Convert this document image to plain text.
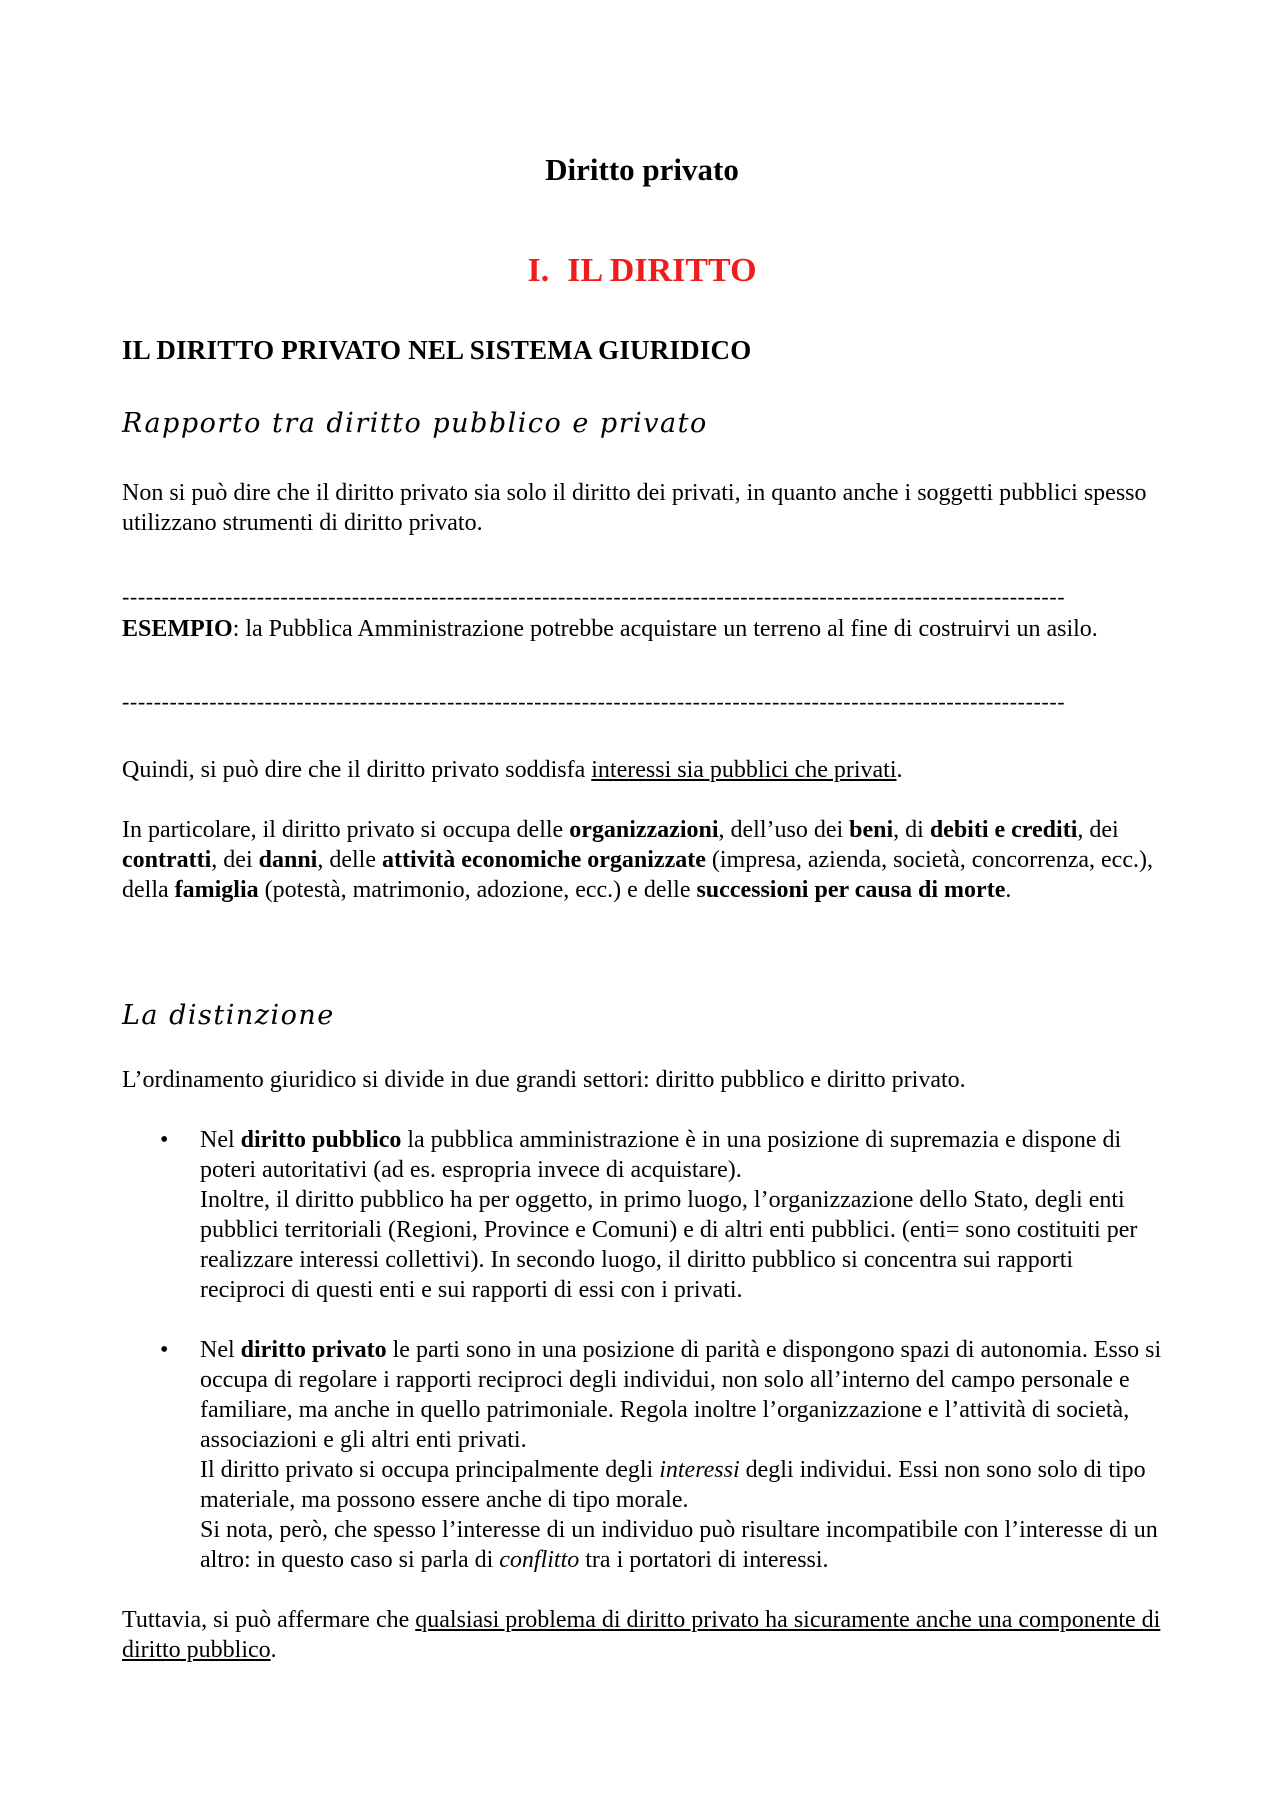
Diritto privato
I. IL DIRITTO
IL DIRITTO PRIVATO NEL SISTEMA GIURIDICO
Rapporto tra diritto pubblico e privato

Non si può dire che il diritto privato sia solo il diritto dei privati, in quanto anche i soggetti pubblici spesso utilizzano strumenti di diritto privato.

-----------------------------------------------------------------------------------------------------------------------

ESEMPIO: la Pubblica Amministrazione potrebbe acquistare un terreno al fine di costruirvi un asilo.

-----------------------------------------------------------------------------------------------------------------------

Quindi, si può dire che il diritto privato soddisfa interessi sia pubblici che privati.

In particolare, il diritto privato si occupa delle organizzazioni, dell’uso dei beni, di debiti e crediti, dei contratti, dei danni, delle attività economiche organizzate (impresa, azienda, società, concorrenza, ecc.), della famiglia (potestà, matrimonio, adozione, ecc.) e delle successioni per causa di morte.

La distinzione

L’ordinamento giuridico si divide in due grandi settori: diritto pubblico e diritto privato.

• Nel diritto pubblico la pubblica amministrazione è in una posizione di supremazia e dispone di poteri autoritativi (ad es. espropria invece di acquistare).
Inoltre, il diritto pubblico ha per oggetto, in primo luogo, l’organizzazione dello Stato, degli enti pubblici territoriali (Regioni, Province e Comuni) e di altri enti pubblici. (enti= sono costituiti per realizzare interessi collettivi). In secondo luogo, il diritto pubblico si concentra sui rapporti reciproci di questi enti e sui rapporti di essi con i privati.
• Nel diritto privato le parti sono in una posizione di parità e dispongono spazi di autonomia. Esso si occupa di regolare i rapporti reciproci degli individui, non solo all’interno del campo personale e familiare, ma anche in quello patrimoniale. Regola inoltre l’organizzazione e l’attività di società, associazioni e gli altri enti privati.
Il diritto privato si occupa principalmente degli interessi degli individui. Essi non sono solo di tipo materiale, ma possono essere anche di tipo morale.
Si nota, però, che spesso l’interesse di un individuo può risultare incompatibile con l’interesse di un altro: in questo caso si parla di conflitto tra i portatori di interessi.

Tuttavia, si può affermare che qualsiasi problema di diritto privato ha sicuramente anche una componente di diritto pubblico.
